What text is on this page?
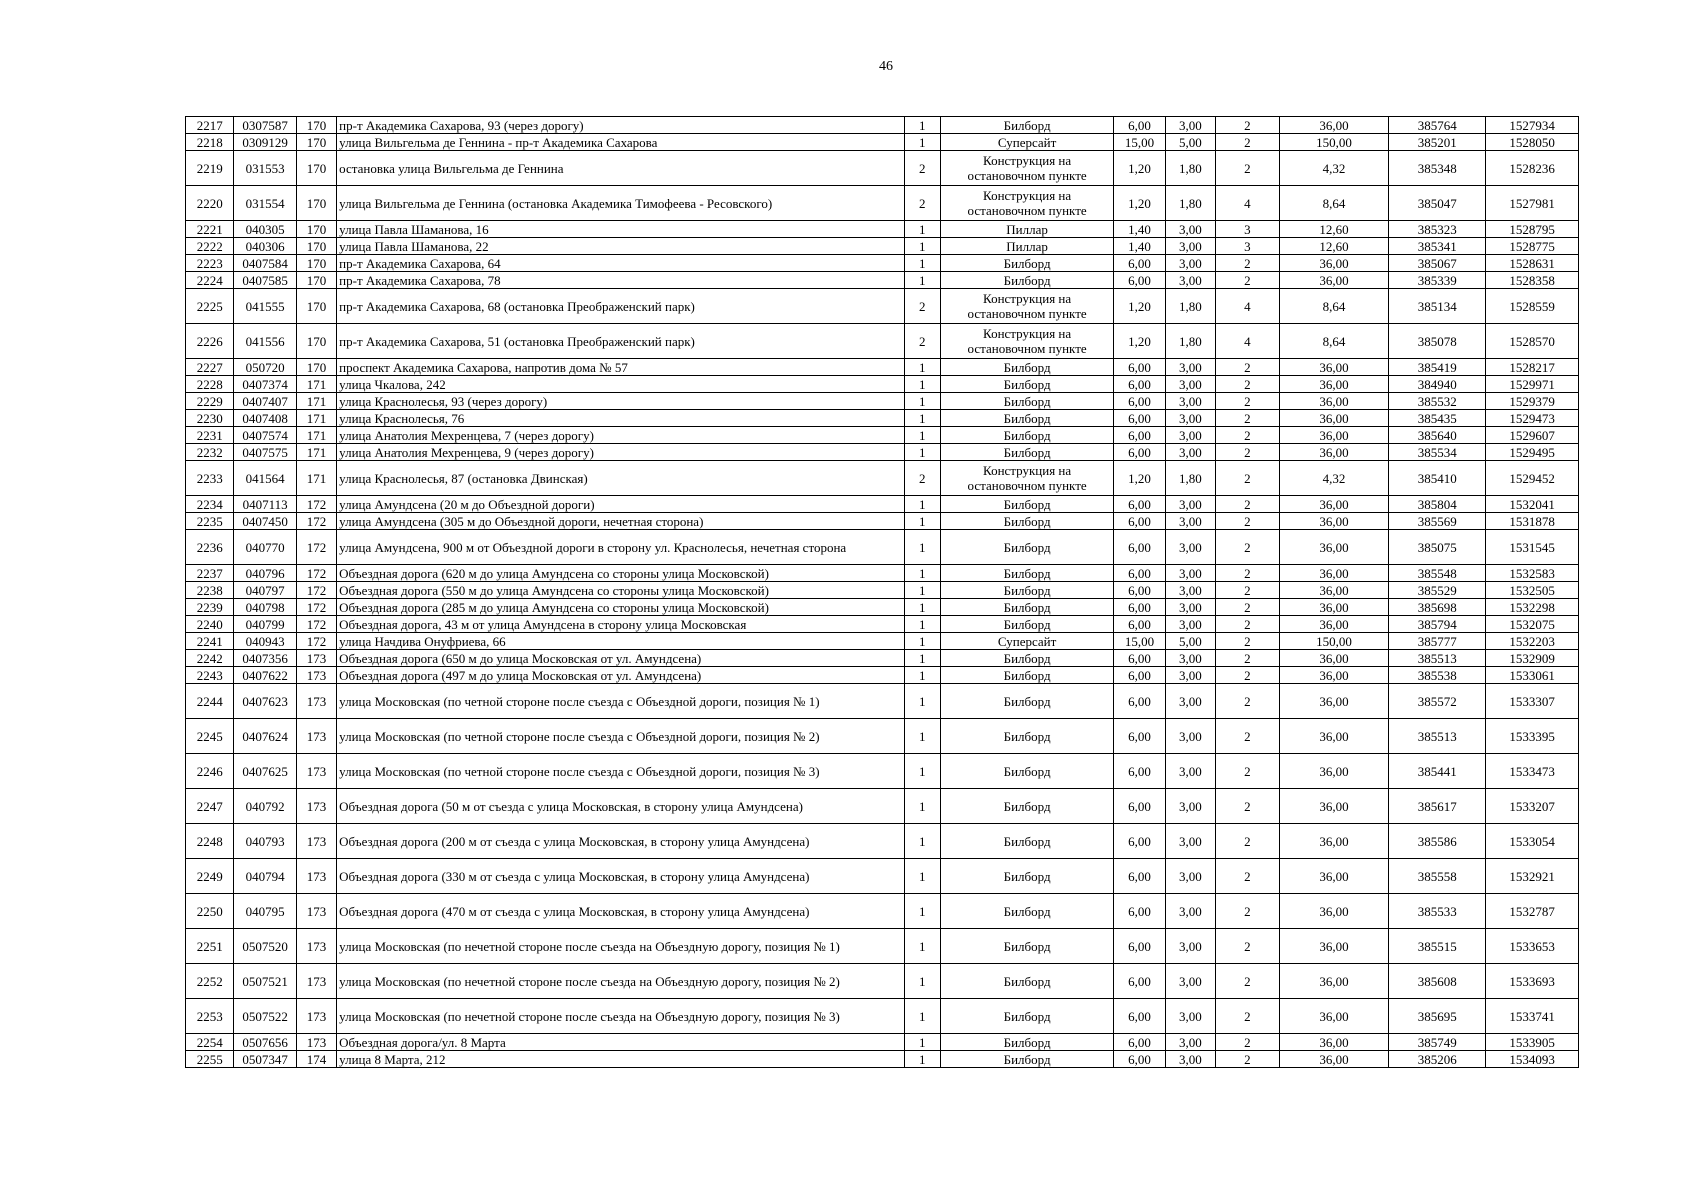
46
2217	0307587	170	пр-т Академика Сахарова, 93 (через дорогу)	1	Билборд	6,00	3,00	2	36,00	385764	1527934
2218	0309129	170	улица Вильгельма де Геннина - пр-т Академика Сахарова	1	Суперсайт	15,00	5,00	2	150,00	385201	1528050
2219	031553	170	остановка улица Вильгельма де Геннина	2	Конструкция на остановочном пункте	1,20	1,80	2	4,32	385348	1528236
2220	031554	170	улица Вильгельма де Геннина (остановка Академика Тимофеева - Ресовского)	2	Конструкция на остановочном пункте	1,20	1,80	4	8,64	385047	1527981
2221	040305	170	улица Павла Шаманова, 16	1	Пиллар	1,40	3,00	3	12,60	385323	1528795
2222	040306	170	улица Павла Шаманова, 22	1	Пиллар	1,40	3,00	3	12,60	385341	1528775
2223	0407584	170	пр-т Академика Сахарова, 64	1	Билборд	6,00	3,00	2	36,00	385067	1528631
2224	0407585	170	пр-т Академика Сахарова, 78	1	Билборд	6,00	3,00	2	36,00	385339	1528358
2225	041555	170	пр-т Академика Сахарова, 68 (остановка Преображенский парк)	2	Конструкция на остановочном пункте	1,20	1,80	4	8,64	385134	1528559
2226	041556	170	пр-т Академика Сахарова, 51 (остановка Преображенский парк)	2	Конструкция на остановочном пункте	1,20	1,80	4	8,64	385078	1528570
2227	050720	170	проспект Академика Сахарова, напротив дома № 57	1	Билборд	6,00	3,00	2	36,00	385419	1528217
2228	0407374	171	улица Чкалова, 242	1	Билборд	6,00	3,00	2	36,00	384940	1529971
2229	0407407	171	улица Краснолесья, 93 (через дорогу)	1	Билборд	6,00	3,00	2	36,00	385532	1529379
2230	0407408	171	улица Краснолесья, 76	1	Билборд	6,00	3,00	2	36,00	385435	1529473
2231	0407574	171	улица Анатолия Мехренцева, 7 (через дорогу)	1	Билборд	6,00	3,00	2	36,00	385640	1529607
2232	0407575	171	улица Анатолия Мехренцева, 9 (через дорогу)	1	Билборд	6,00	3,00	2	36,00	385534	1529495
2233	041564	171	улица Краснолесья, 87 (остановка Двинская)	2	Конструкция на остановочном пункте	1,20	1,80	2	4,32	385410	1529452
2234	0407113	172	улица Амундсена (20 м до Объездной дороги)	1	Билборд	6,00	3,00	2	36,00	385804	1532041
2235	0407450	172	улица Амундсена (305 м до Объездной дороги, нечетная сторона)	1	Билборд	6,00	3,00	2	36,00	385569	1531878
2236	040770	172	улица Амундсена, 900 м от Объездной дороги в сторону ул. Краснолесья, нечетная сторона	1	Билборд	6,00	3,00	2	36,00	385075	1531545
2237	040796	172	Объездная дорога (620 м до улица Амундсена со стороны улица Московской)	1	Билборд	6,00	3,00	2	36,00	385548	1532583
2238	040797	172	Объездная дорога (550 м до улица Амундсена со стороны улица Московской)	1	Билборд	6,00	3,00	2	36,00	385529	1532505
2239	040798	172	Объездная дорога (285 м до улица Амундсена со стороны улица Московской)	1	Билборд	6,00	3,00	2	36,00	385698	1532298
2240	040799	172	Объездная дорога, 43 м от улица Амундсена в сторону улица Московская	1	Билборд	6,00	3,00	2	36,00	385794	1532075
2241	040943	172	улица Начдива Онуфриева, 66	1	Суперсайт	15,00	5,00	2	150,00	385777	1532203
2242	0407356	173	Объездная дорога (650 м до улица Московская от ул. Амундсена)	1	Билборд	6,00	3,00	2	36,00	385513	1532909
2243	0407622	173	Объездная дорога (497 м до улица Московская от ул. Амундсена)	1	Билборд	6,00	3,00	2	36,00	385538	1533061
2244	0407623	173	улица Московская (по четной стороне после съезда с Объездной дороги, позиция № 1)	1	Билборд	6,00	3,00	2	36,00	385572	1533307
2245	0407624	173	улица Московская (по четной стороне после съезда с Объездной дороги, позиция № 2)	1	Билборд	6,00	3,00	2	36,00	385513	1533395
2246	0407625	173	улица Московская (по четной стороне после съезда с Объездной дороги, позиция № 3)	1	Билборд	6,00	3,00	2	36,00	385441	1533473
2247	040792	173	Объездная дорога (50 м от съезда с улица Московская, в сторону улица Амундсена)	1	Билборд	6,00	3,00	2	36,00	385617	1533207
2248	040793	173	Объездная дорога (200 м от съезда с улица Московская, в сторону улица Амундсена)	1	Билборд	6,00	3,00	2	36,00	385586	1533054
2249	040794	173	Объездная дорога (330 м от съезда с улица Московская, в сторону улица Амундсена)	1	Билборд	6,00	3,00	2	36,00	385558	1532921
2250	040795	173	Объездная дорога (470 м от съезда с улица Московская, в сторону улица Амундсена)	1	Билборд	6,00	3,00	2	36,00	385533	1532787
2251	0507520	173	улица Московская (по нечетной стороне после съезда на Объездную дорогу, позиция № 1)	1	Билборд	6,00	3,00	2	36,00	385515	1533653
2252	0507521	173	улица Московская (по нечетной стороне после съезда на Объездную дорогу, позиция № 2)	1	Билборд	6,00	3,00	2	36,00	385608	1533693
2253	0507522	173	улица Московская (по нечетной стороне после съезда на Объездную дорогу, позиция № 3)	1	Билборд	6,00	3,00	2	36,00	385695	1533741
2254	0507656	173	Объездная дорога/ул. 8 Марта	1	Билборд	6,00	3,00	2	36,00	385749	1533905
2255	0507347	174	улица 8 Марта, 212	1	Билборд	6,00	3,00	2	36,00	385206	1534093
